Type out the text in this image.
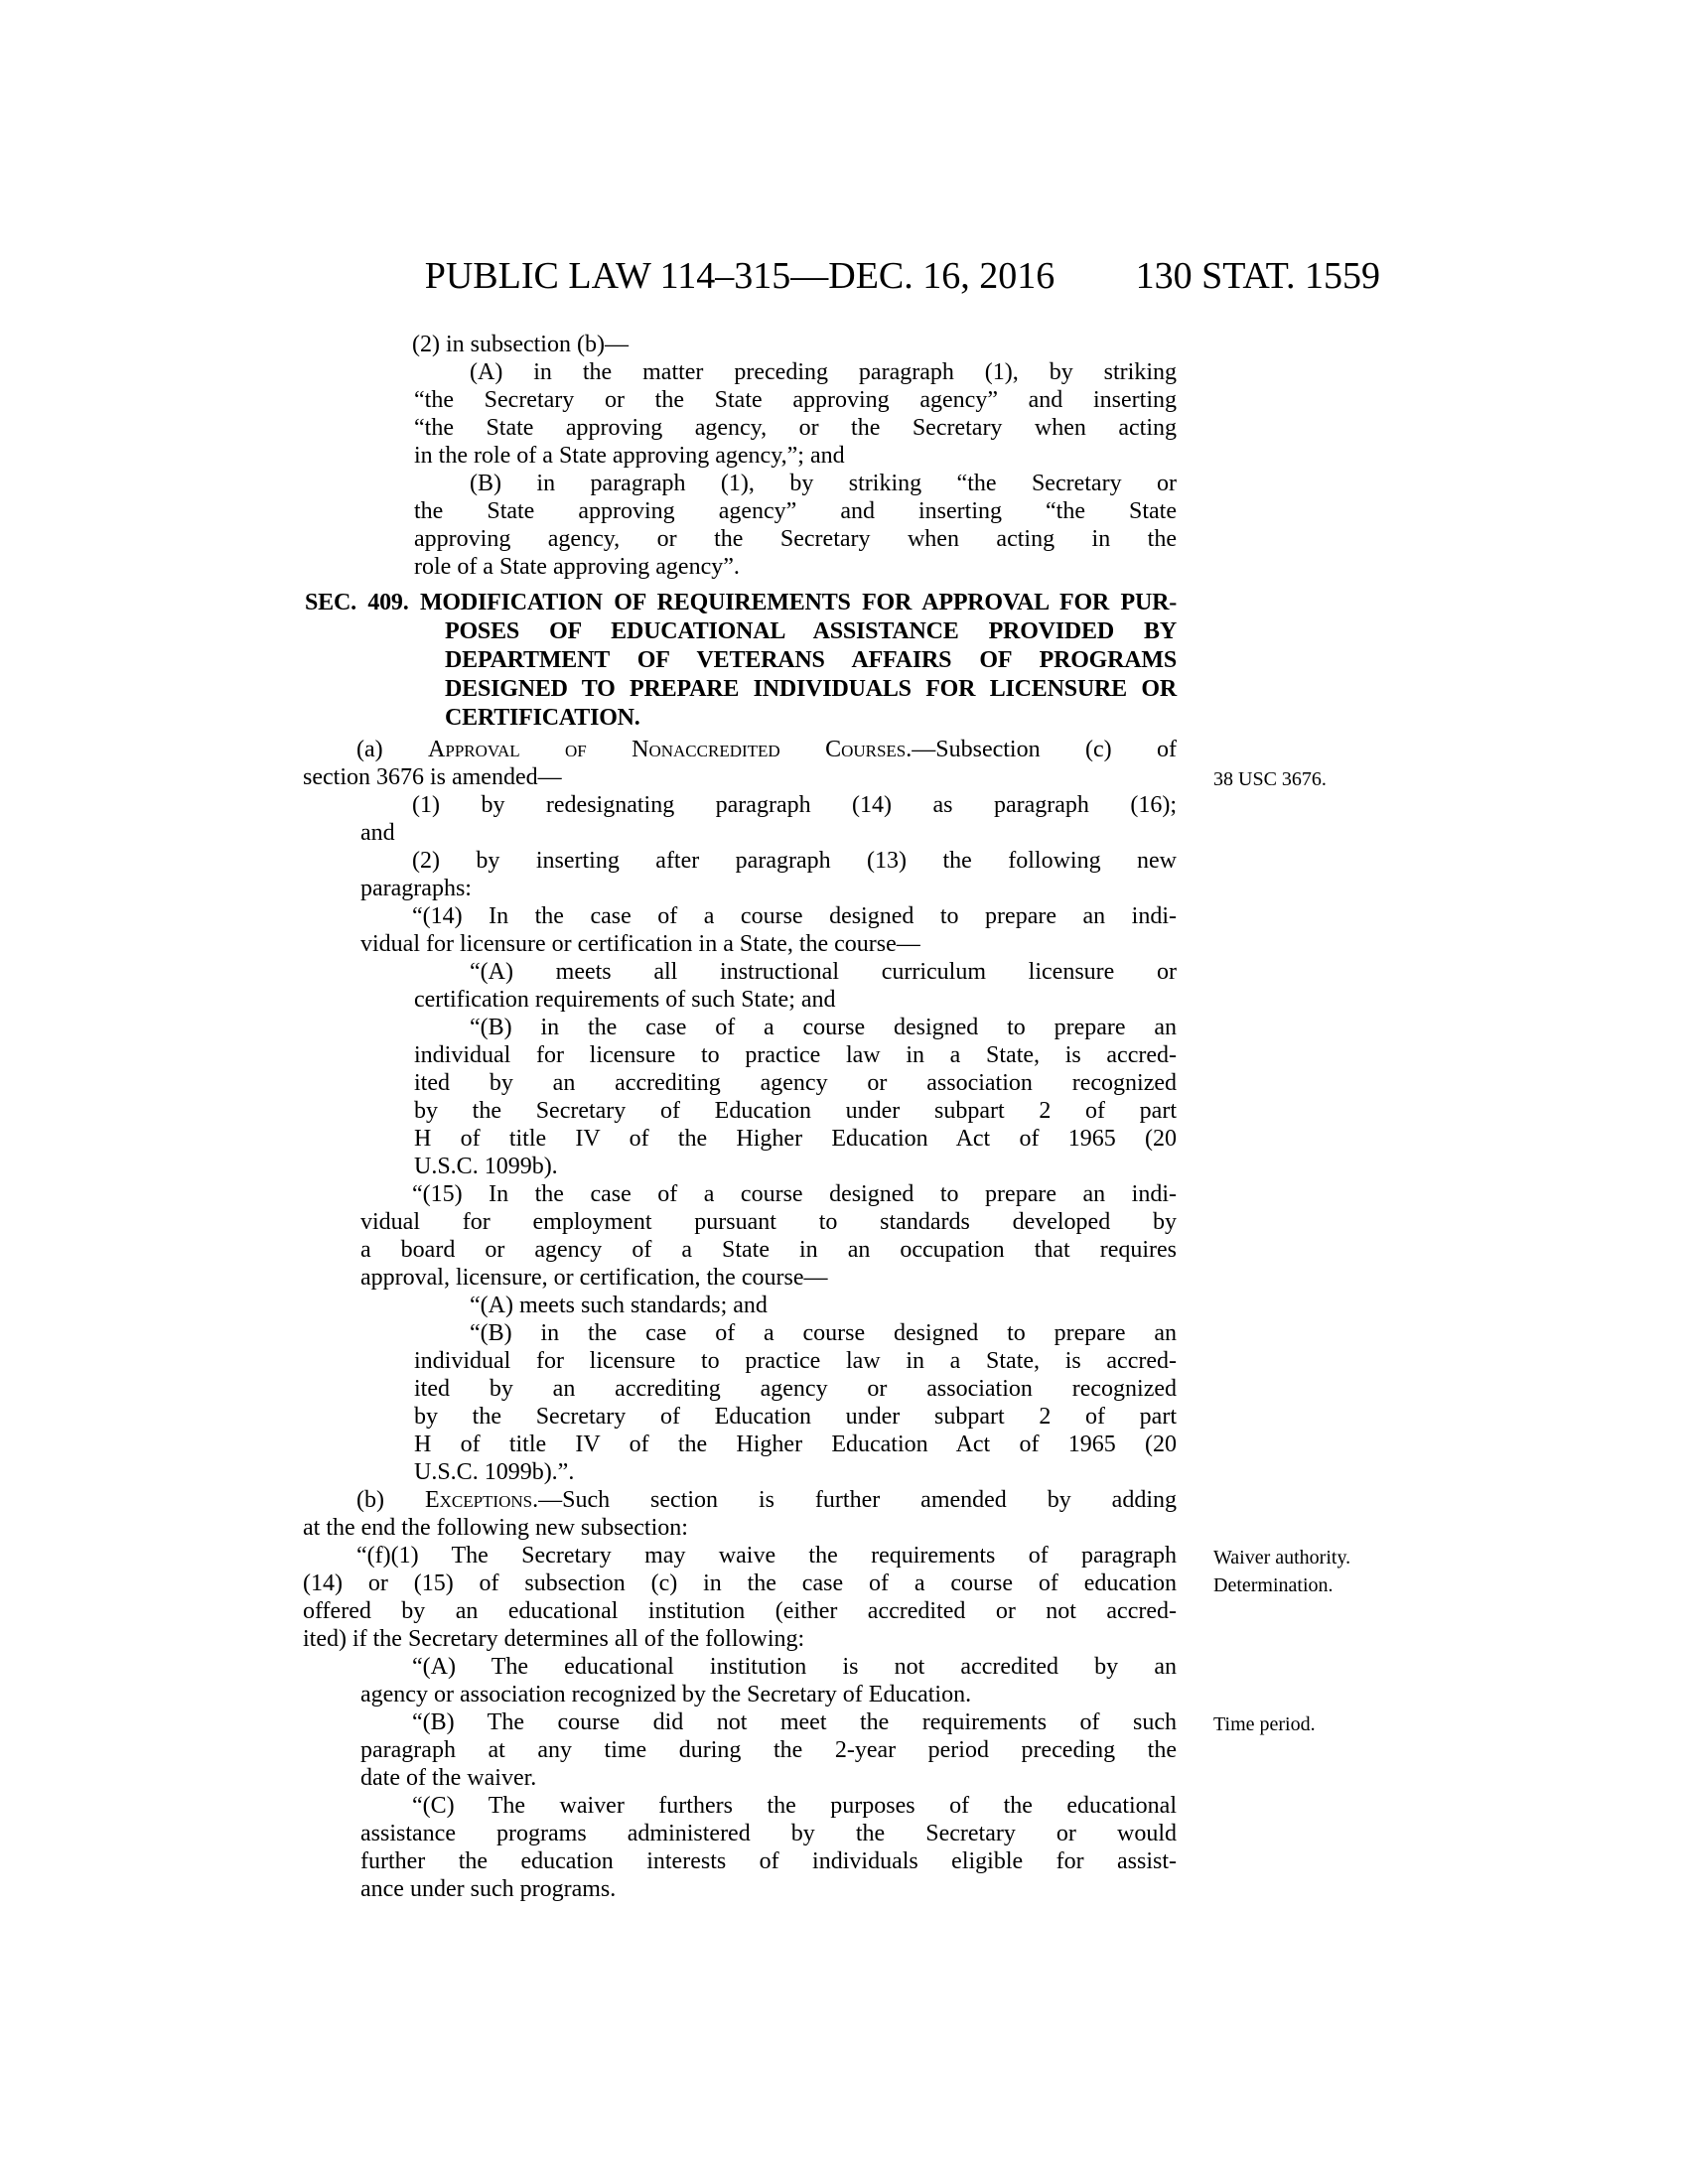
PUBLIC LAW 114–315—DEC. 16, 2016	130 STAT. 1559
(2) in subsection (b)—
(A) in the matter preceding paragraph (1), by striking
“the Secretary or the State approving agency” and inserting
“the State approving agency, or the Secretary when acting
in the role of a State approving agency,”; and
(B) in paragraph (1), by striking “the Secretary or
the State approving agency” and inserting “the State
approving agency, or the Secretary when acting in the
role of a State approving agency”.
SEC. 409. MODIFICATION OF REQUIREMENTS FOR APPROVAL FOR PUR-
POSES OF EDUCATIONAL ASSISTANCE PROVIDED BY
DEPARTMENT OF VETERANS AFFAIRS OF PROGRAMS
DESIGNED TO PREPARE INDIVIDUALS FOR LICENSURE OR
CERTIFICATION.
(a) Approval of Nonaccredited Courses.—Subsection (c) of
section 3676 is amended—	38 USC 3676.
(1) by redesignating paragraph (14) as paragraph (16);
and
(2) by inserting after paragraph (13) the following new
paragraphs:
“(14) In the case of a course designed to prepare an indi-
vidual for licensure or certification in a State, the course—
“(A) meets all instructional curriculum licensure or
certification requirements of such State; and
“(B) in the case of a course designed to prepare an
individual for licensure to practice law in a State, is accred-
ited by an accrediting agency or association recognized
by the Secretary of Education under subpart 2 of part
H of title IV of the Higher Education Act of 1965 (20
U.S.C. 1099b).
“(15) In the case of a course designed to prepare an indi-
vidual for employment pursuant to standards developed by
a board or agency of a State in an occupation that requires
approval, licensure, or certification, the course—
“(A) meets such standards; and
“(B) in the case of a course designed to prepare an
individual for licensure to practice law in a State, is accred-
ited by an accrediting agency or association recognized
by the Secretary of Education under subpart 2 of part
H of title IV of the Higher Education Act of 1965 (20
U.S.C. 1099b).”.
(b) Exceptions.—Such section is further amended by adding
at the end the following new subsection:
“(f)(1) The Secretary may waive the requirements of paragraph
(14) or (15) of subsection (c) in the case of a course of education
offered by an educational institution (either accredited or not accred-
ited) if the Secretary determines all of the following:
Waiver authority.
Determination.
“(A) The educational institution is not accredited by an
agency or association recognized by the Secretary of Education.
“(B) The course did not meet the requirements of such
paragraph at any time during the 2-year period preceding the
date of the waiver.
Time period.
“(C) The waiver furthers the purposes of the educational
assistance programs administered by the Secretary or would
further the education interests of individuals eligible for assist-
ance under such programs.
